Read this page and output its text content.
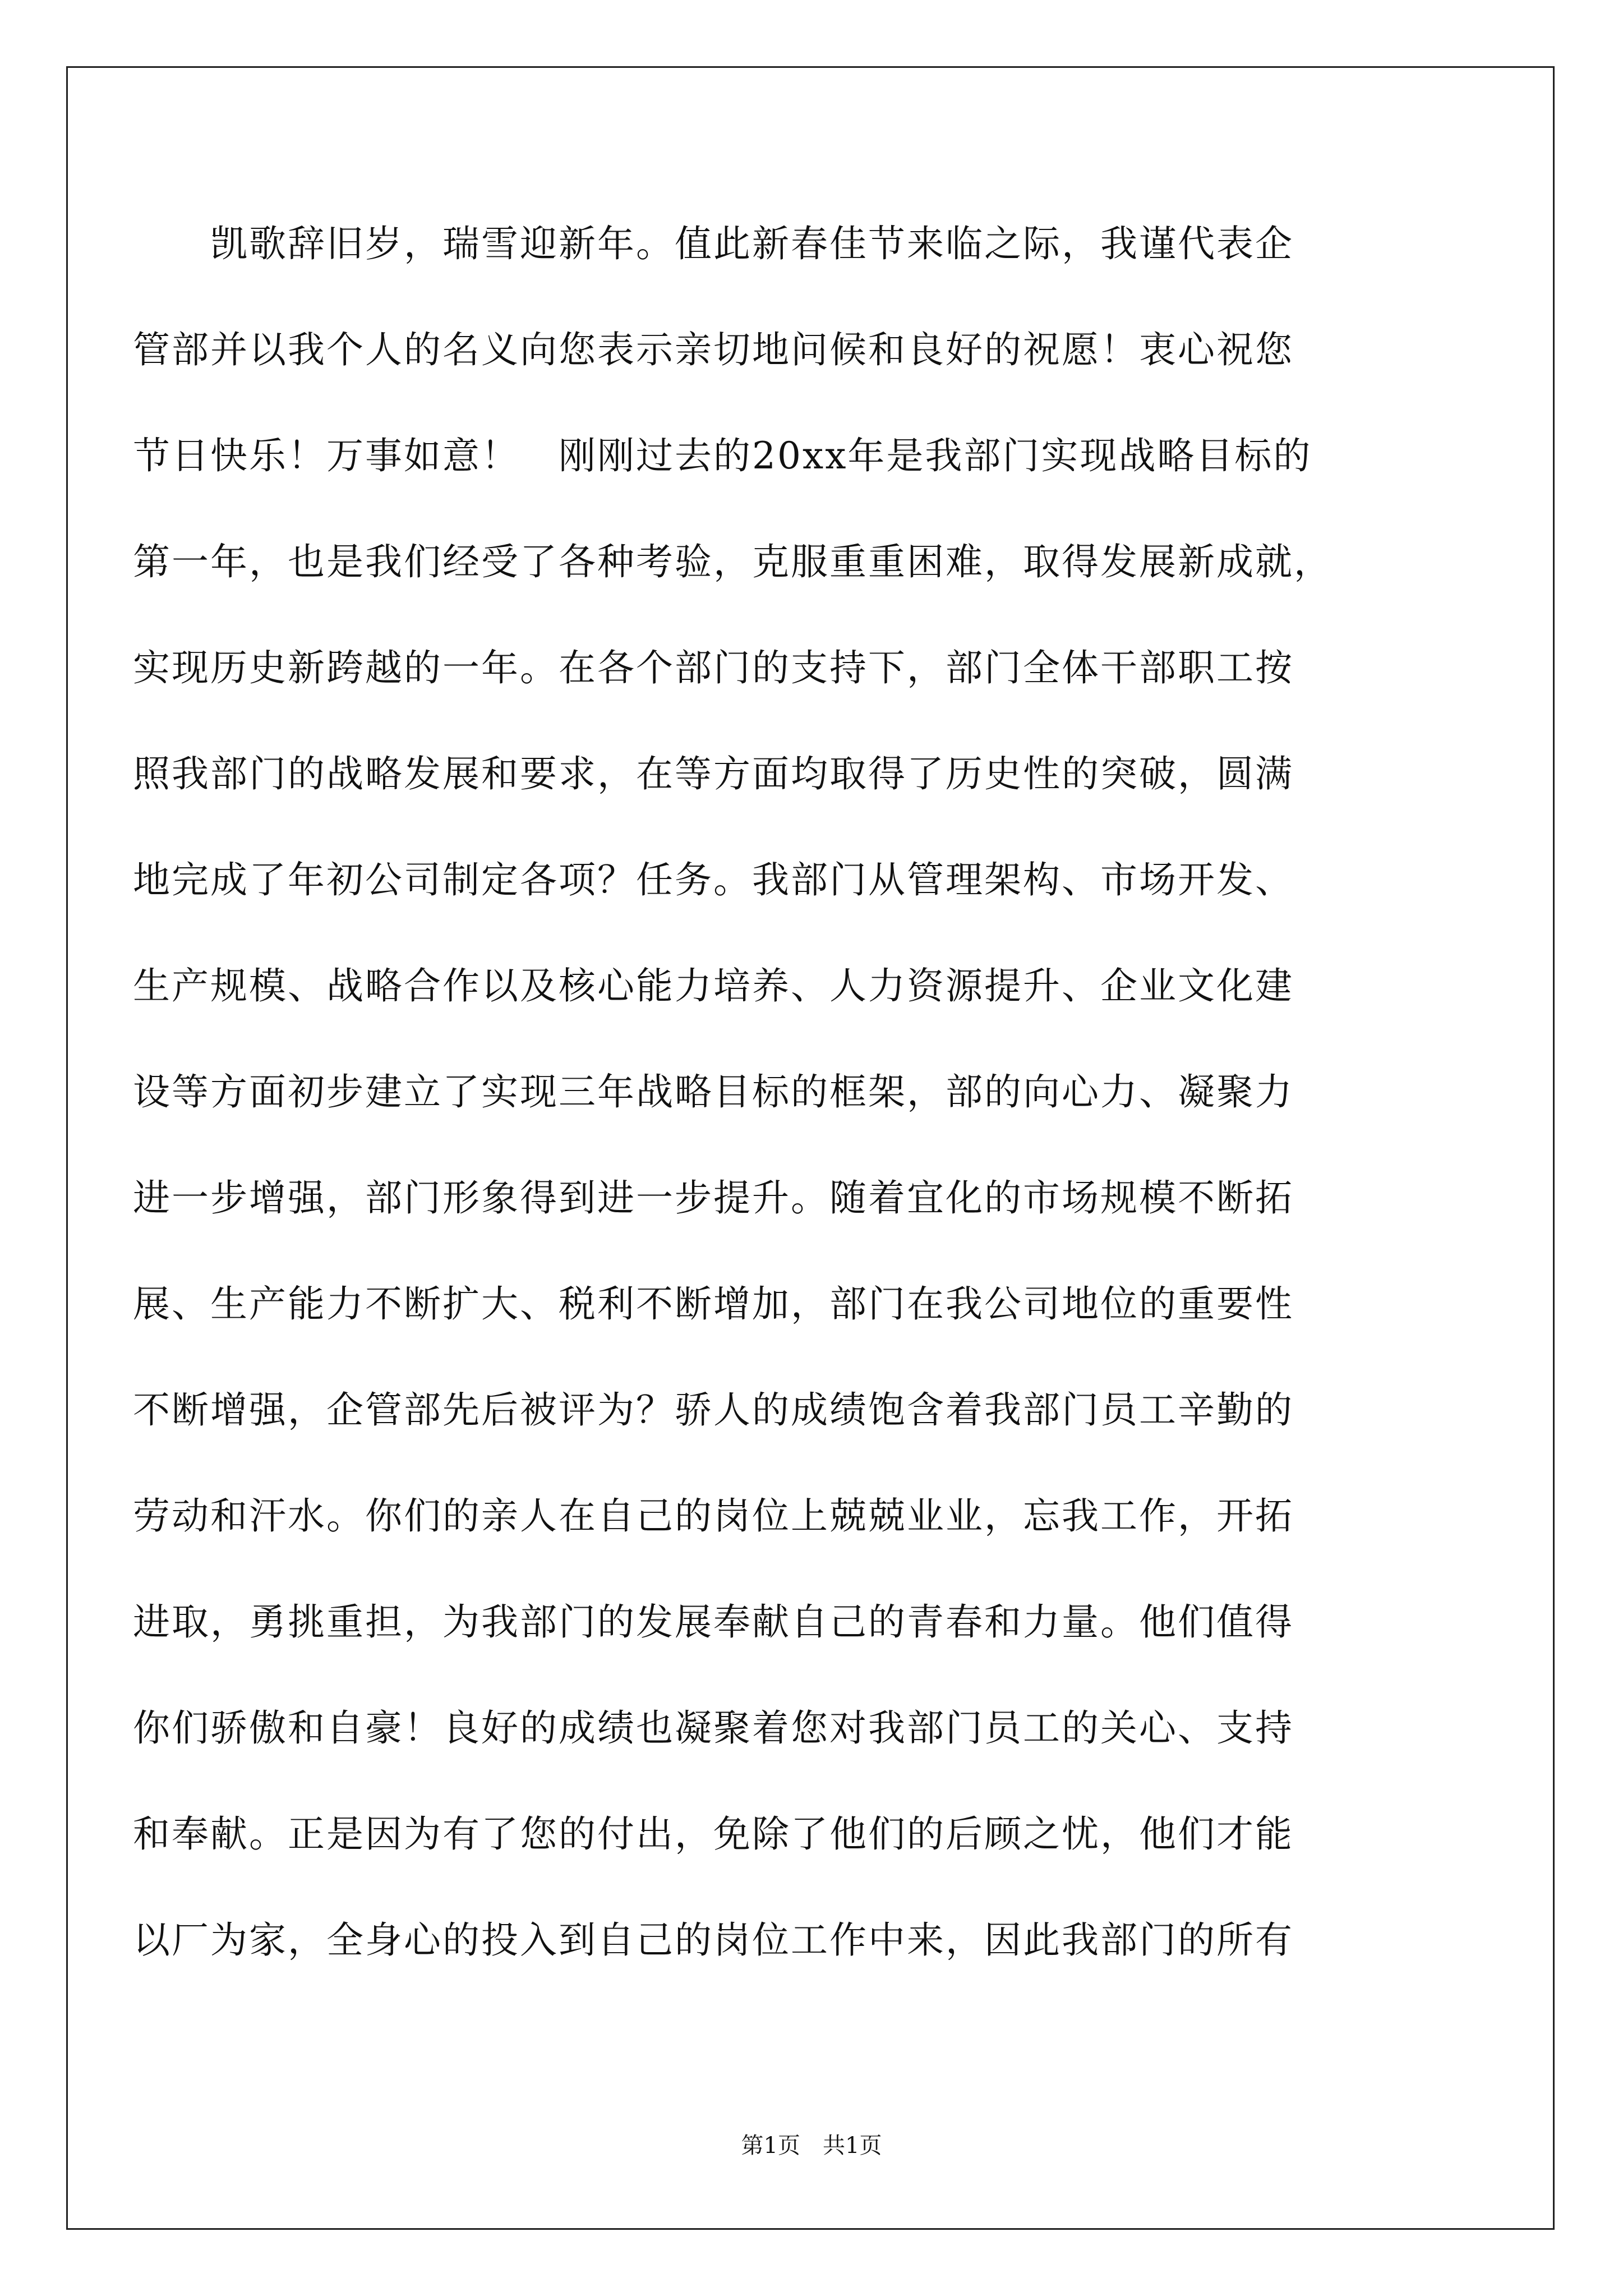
　　凯歌辞旧岁，瑞雪迎新年。值此新春佳节来临之际，我谨代表企
管部并以我个人的名义向您表示亲切地问候和良好的祝愿！衷心祝您
节日快乐！万事如意！　刚刚过去的20xx年是我部门实现战略目标的
第一年，也是我们经受了各种考验，克服重重困难，取得发展新成就，
实现历史新跨越的一年。在各个部门的支持下，部门全体干部职工按
照我部门的战略发展和要求，在等方面均取得了历史性的突破，圆满
地完成了年初公司制定各项？任务。我部门从管理架构、市场开发、
生产规模、战略合作以及核心能力培养、人力资源提升、企业文化建
设等方面初步建立了实现三年战略目标的框架，部的向心力、凝聚力
进一步增强，部门形象得到进一步提升。随着宜化的市场规模不断拓
展、生产能力不断扩大、税利不断增加，部门在我公司地位的重要性
不断增强，企管部先后被评为？骄人的成绩饱含着我部门员工辛勤的
劳动和汗水。你们的亲人在自己的岗位上兢兢业业，忘我工作，开拓
进取，勇挑重担，为我部门的发展奉献自己的青春和力量。他们值得
你们骄傲和自豪！良好的成绩也凝聚着您对我部门员工的关心、支持
和奉献。正是因为有了您的付出，免除了他们的后顾之忧，他们才能
以厂为家，全身心的投入到自己的岗位工作中来，因此我部门的所有
第1页　共1页
